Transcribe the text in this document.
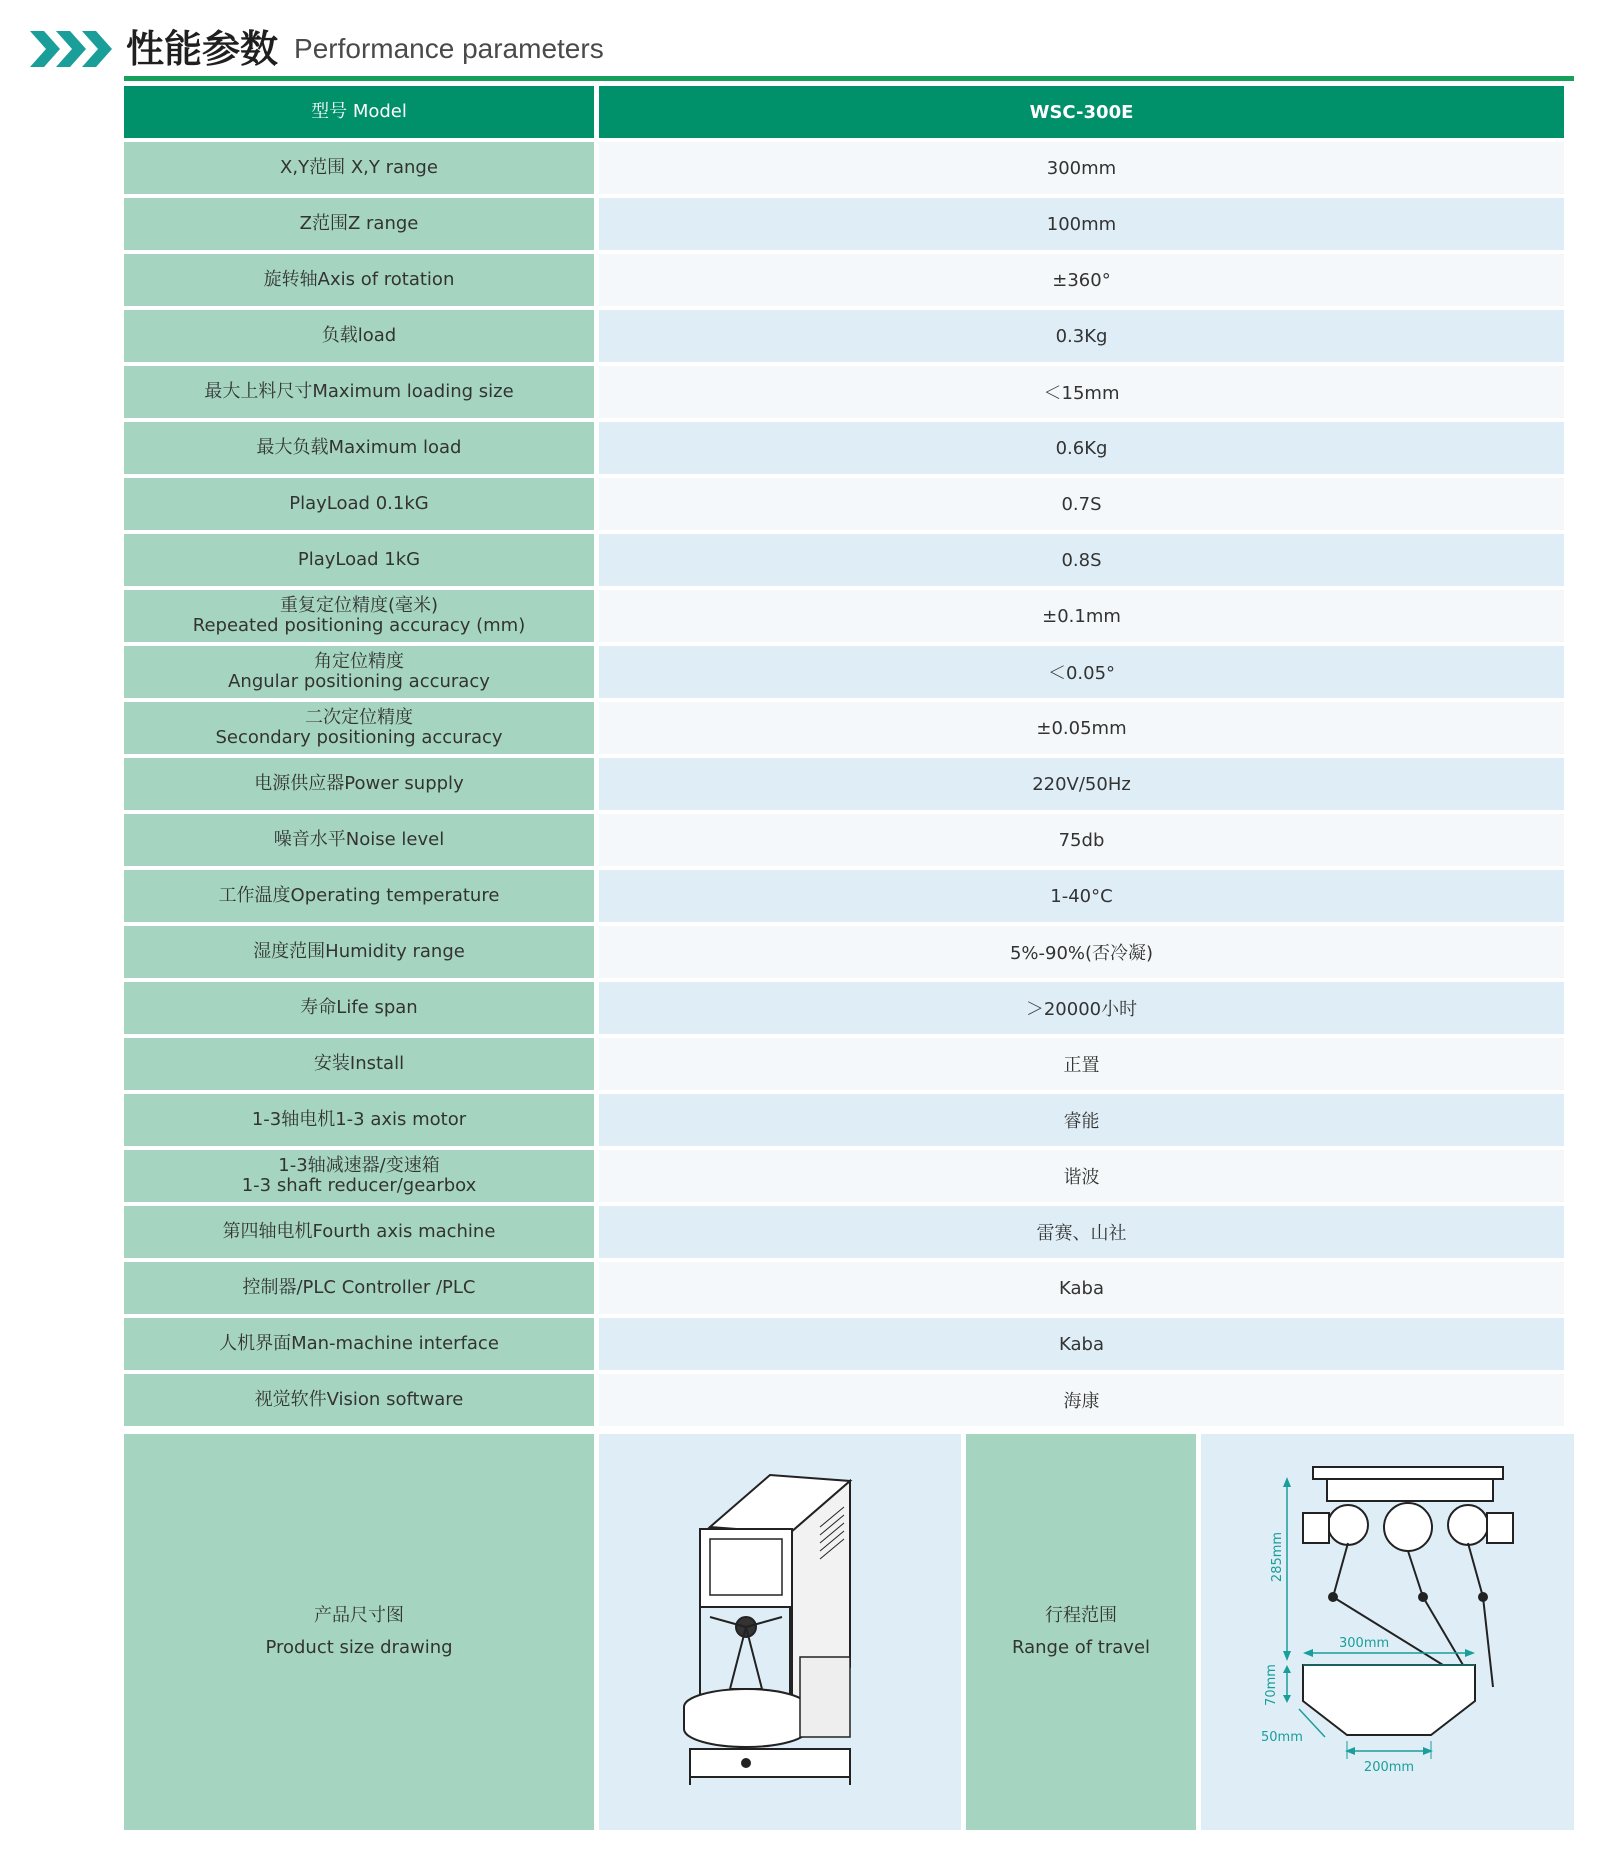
性能参数 Performance parameters
型号 Model	WSC-300E

X,Y范围 X,Y range	300mm

Z范围Z range	100mm

旋转轴Axis of rotation	±360°

负载load	0.3Kg

最大上料尺寸Maximum loading size	＜15mm

最大负载Maximum load	0.6Kg

PlayLoad 0.1kG	0.7S

PlayLoad 1kG	0.8S

重复定位精度(毫米)
Repeated positioning accuracy (mm)	±0.1mm

角定位精度
Angular positioning accuracy	＜0.05°

二次定位精度
Secondary positioning accuracy	±0.05mm

电源供应器Power supply	220V/50Hz

噪音水平Noise level	75db

工作温度Operating temperature	1-40°C

湿度范围Humidity range	5%-90%(否冷凝)

寿命Life span	＞20000小时

安装Install	正置

1-3轴电机1-3 axis motor	睿能

1-3轴减速器/变速箱
1-3 shaft reducer/gearbox	谐波

第四轴电机Fourth axis machine	雷赛、山社

控制器/PLC Controller /PLC	Kaba

人机界面Man-machine interface	Kaba

视觉软件Vision software	海康
产品尺寸图
Product size drawing
行程范围
Range of travel
285mm
300mm
70mm
50mm
200mm
